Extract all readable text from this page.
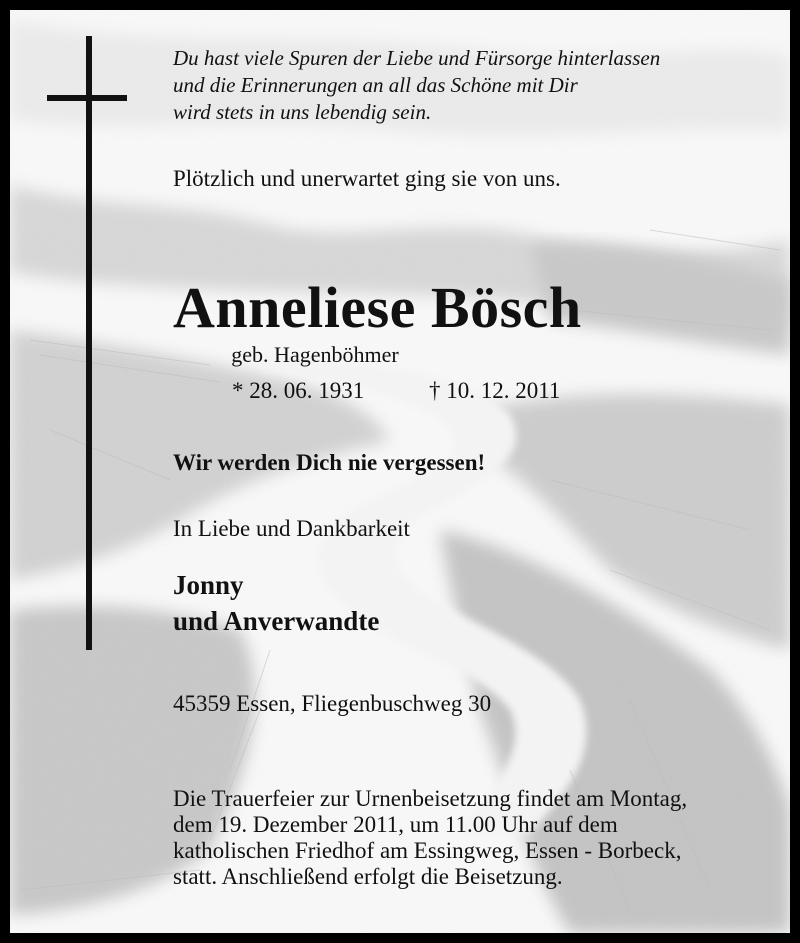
Du hast viele Spuren der Liebe und Fürsorge hinterlassen
und die Erinnerungen an all das Schöne mit Dir
wird stets in uns lebendig sein.
Plötzlich und unerwartet ging sie von uns.
Anneliese Bösch
geb. Hagenböhmer
* 28. 06. 1931	† 10. 12. 2011
Wir werden Dich nie vergessen!
In Liebe und Dankbarkeit
Jonny
und Anverwandte
45359 Essen, Fliegenbuschweg 30
Die Trauerfeier zur Urnenbeisetzung findet am Montag,
dem 19. Dezember 2011, um 11.00 Uhr auf dem
katholischen Friedhof am Essingweg, Essen - Borbeck,
statt. Anschließend erfolgt die Beisetzung.
